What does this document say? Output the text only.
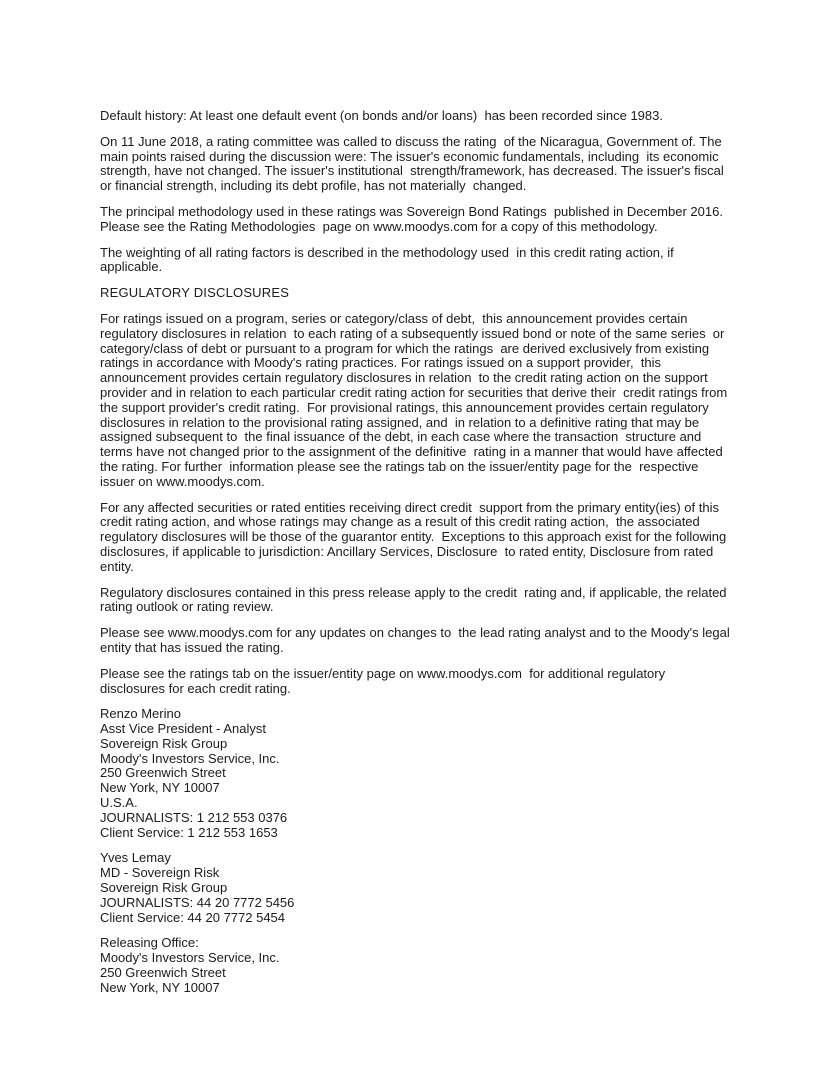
Default history: At least one default event (on bonds and/or loans)  has been recorded since 1983.

On 11 June 2018, a rating committee was called to discuss the rating  of the Nicaragua, Government of. The main points raised during the discussion were: The issuer's economic fundamentals, including  its economic strength, have not changed. The issuer's institutional  strength/framework, has decreased. The issuer's fiscal or financial strength, including its debt profile, has not materially  changed.

The principal methodology used in these ratings was Sovereign Bond Ratings  published in December 2016. Please see the Rating Methodologies  page on www.moodys.com for a copy of this methodology.

The weighting of all rating factors is described in the methodology used  in this credit rating action, if applicable.

REGULATORY DISCLOSURES

For ratings issued on a program, series or category/class of debt,  this announcement provides certain regulatory disclosures in relation  to each rating of a subsequently issued bond or note of the same series  or category/class of debt or pursuant to a program for which the ratings  are derived exclusively from existing ratings in accordance with Moody's rating practices. For ratings issued on a support provider,  this announcement provides certain regulatory disclosures in relation  to the credit rating action on the support provider and in relation to each particular credit rating action for securities that derive their  credit ratings from the support provider's credit rating.  For provisional ratings, this announcement provides certain regulatory disclosures in relation to the provisional rating assigned, and  in relation to a definitive rating that may be assigned subsequent to  the final issuance of the debt, in each case where the transaction  structure and terms have not changed prior to the assignment of the definitive  rating in a manner that would have affected the rating. For further  information please see the ratings tab on the issuer/entity page for the  respective issuer on www.moodys.com.

For any affected securities or rated entities receiving direct credit  support from the primary entity(ies) of this credit rating action, and whose ratings may change as a result of this credit rating action,  the associated regulatory disclosures will be those of the guarantor entity.  Exceptions to this approach exist for the following disclosures, if applicable to jurisdiction: Ancillary Services, Disclosure  to rated entity, Disclosure from rated entity.

Regulatory disclosures contained in this press release apply to the credit  rating and, if applicable, the related rating outlook or rating review.

Please see www.moodys.com for any updates on changes to  the lead rating analyst and to the Moody's legal entity that has issued the rating.

Please see the ratings tab on the issuer/entity page on www.moodys.com  for additional regulatory disclosures for each credit rating.

Renzo Merino
Asst Vice President - Analyst
Sovereign Risk Group
Moody's Investors Service, Inc.
250 Greenwich Street
New York, NY 10007
U.S.A.
JOURNALISTS: 1 212 553 0376
Client Service: 1 212 553 1653
Yves Lemay
MD - Sovereign Risk
Sovereign Risk Group
JOURNALISTS: 44 20 7772 5456
Client Service: 44 20 7772 5454
Releasing Office:
Moody's Investors Service, Inc.
250 Greenwich Street
New York, NY 10007
